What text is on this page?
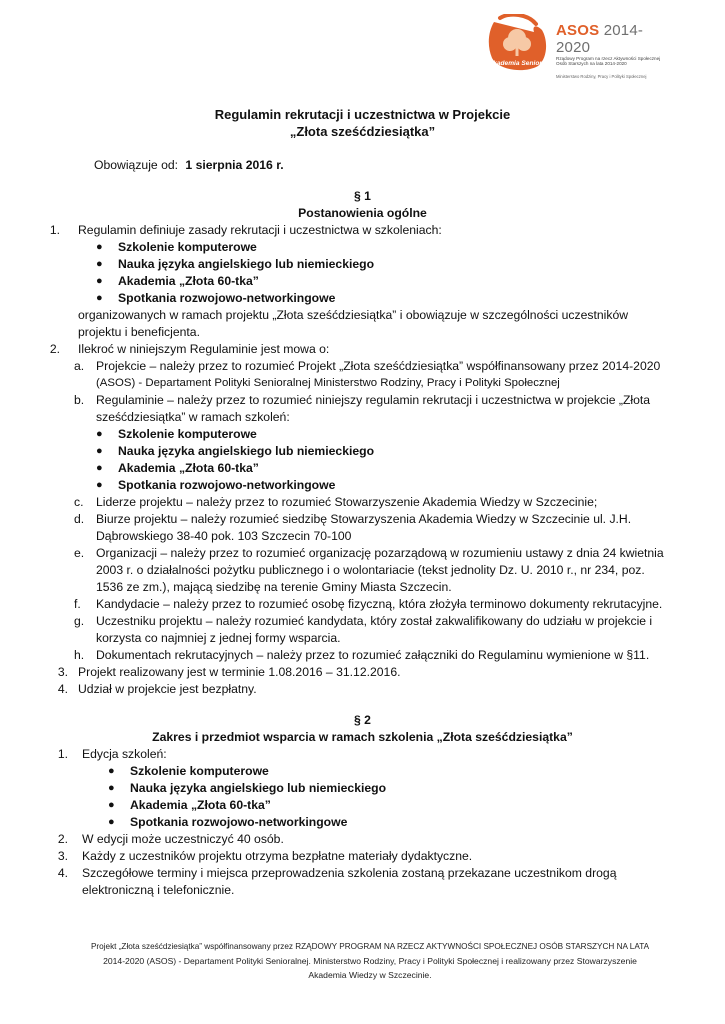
Akademia Seniora
ASOS 2014-2020
Rządowy Program na rzecz Aktywności Społecznej
Osób Starszych na lata 2014-2020
Ministerstwo Rodziny, Pracy i Polityki Społecznej
Regulamin rekrutacji i uczestnictwa w Projekcie
„Złota sześćdziesiątka”
Obowiązuje od: 1 sierpnia 2016 r.
§ 1
Postanowienia ogólne
1. Regulamin definiuje zasady rekrutacji i uczestnictwa w szkoleniach:
● Szkolenie komputerowe
● Nauka języka angielskiego lub niemieckiego
● Akademia „Złota 60-tka”
● Spotkania rozwojowo-networkingowe
organizowanych w ramach projektu „Złota sześćdziesiątka” i obowiązuje w szczególności uczestników
projektu i beneficjenta.
2. Ilekroć w niniejszym Regulaminie jest mowa o:
a. Projekcie – należy przez to rozumieć Projekt „Złota sześćdziesiątka” współfinansowany przez 2014-2020
(ASOS) - Departament Polityki Senioralnej Ministerstwo Rodziny, Pracy i Polityki Społecznej
b. Regulaminie – należy przez to rozumieć niniejszy regulamin rekrutacji i uczestnictwa w projekcie „Złota
sześćdziesiątka” w ramach szkoleń:
● Szkolenie komputerowe
● Nauka języka angielskiego lub niemieckiego
● Akademia „Złota 60-tka”
● Spotkania rozwojowo-networkingowe
c. Liderze projektu – należy przez to rozumieć Stowarzyszenie Akademia Wiedzy w Szczecinie;
d. Biurze projektu – należy rozumieć siedzibę Stowarzyszenia Akademia Wiedzy w Szczecinie ul. J.H.
Dąbrowskiego 38-40 pok. 103 Szczecin 70-100
e. Organizacji – należy przez to rozumieć organizację pozarządową w rozumieniu ustawy z dnia 24 kwietnia
2003 r. o działalności pożytku publicznego i o wolontariacie (tekst jednolity Dz. U. 2010 r., nr 234, poz.
1536 ze zm.), mającą siedzibę na terenie Gminy Miasta Szczecin.
f. Kandydacie – należy przez to rozumieć osobę fizyczną, która złożyła terminowo dokumenty rekrutacyjne.
g. Uczestniku projektu – należy rozumieć kandydata, który został zakwalifikowany do udziału w projekcie i
korzysta co najmniej z jednej formy wsparcia.
h. Dokumentach rekrutacyjnych – należy przez to rozumieć załączniki do Regulaminu wymienione w §11.
3. Projekt realizowany jest w terminie 1.08.2016 – 31.12.2016.
4. Udział w projekcie jest bezpłatny.
§ 2
Zakres i przedmiot wsparcia w ramach szkolenia „Złota sześćdziesiątka”
1. Edycja szkoleń:
● Szkolenie komputerowe
● Nauka języka angielskiego lub niemieckiego
● Akademia „Złota 60-tka”
● Spotkania rozwojowo-networkingowe
2. W edycji może uczestniczyć 40 osób.
3. Każdy z uczestników projektu otrzyma bezpłatne materiały dydaktyczne.
4. Szczegółowe terminy i miejsca przeprowadzenia szkolenia zostaną przekazane uczestnikom drogą
elektroniczną i telefonicznie.
Projekt „Złota sześćdziesiątka” współfinansowany przez RZĄDOWY PROGRAM NA RZECZ AKTYWNOŚCI SPOŁECZNEJ OSÓB STARSZYCH NA LATA
2014-2020 (ASOS) - Departament Polityki Senioralnej. Ministerstwo Rodziny, Pracy i Polityki Społecznej i realizowany przez Stowarzyszenie
Akademia Wiedzy w Szczecinie.
